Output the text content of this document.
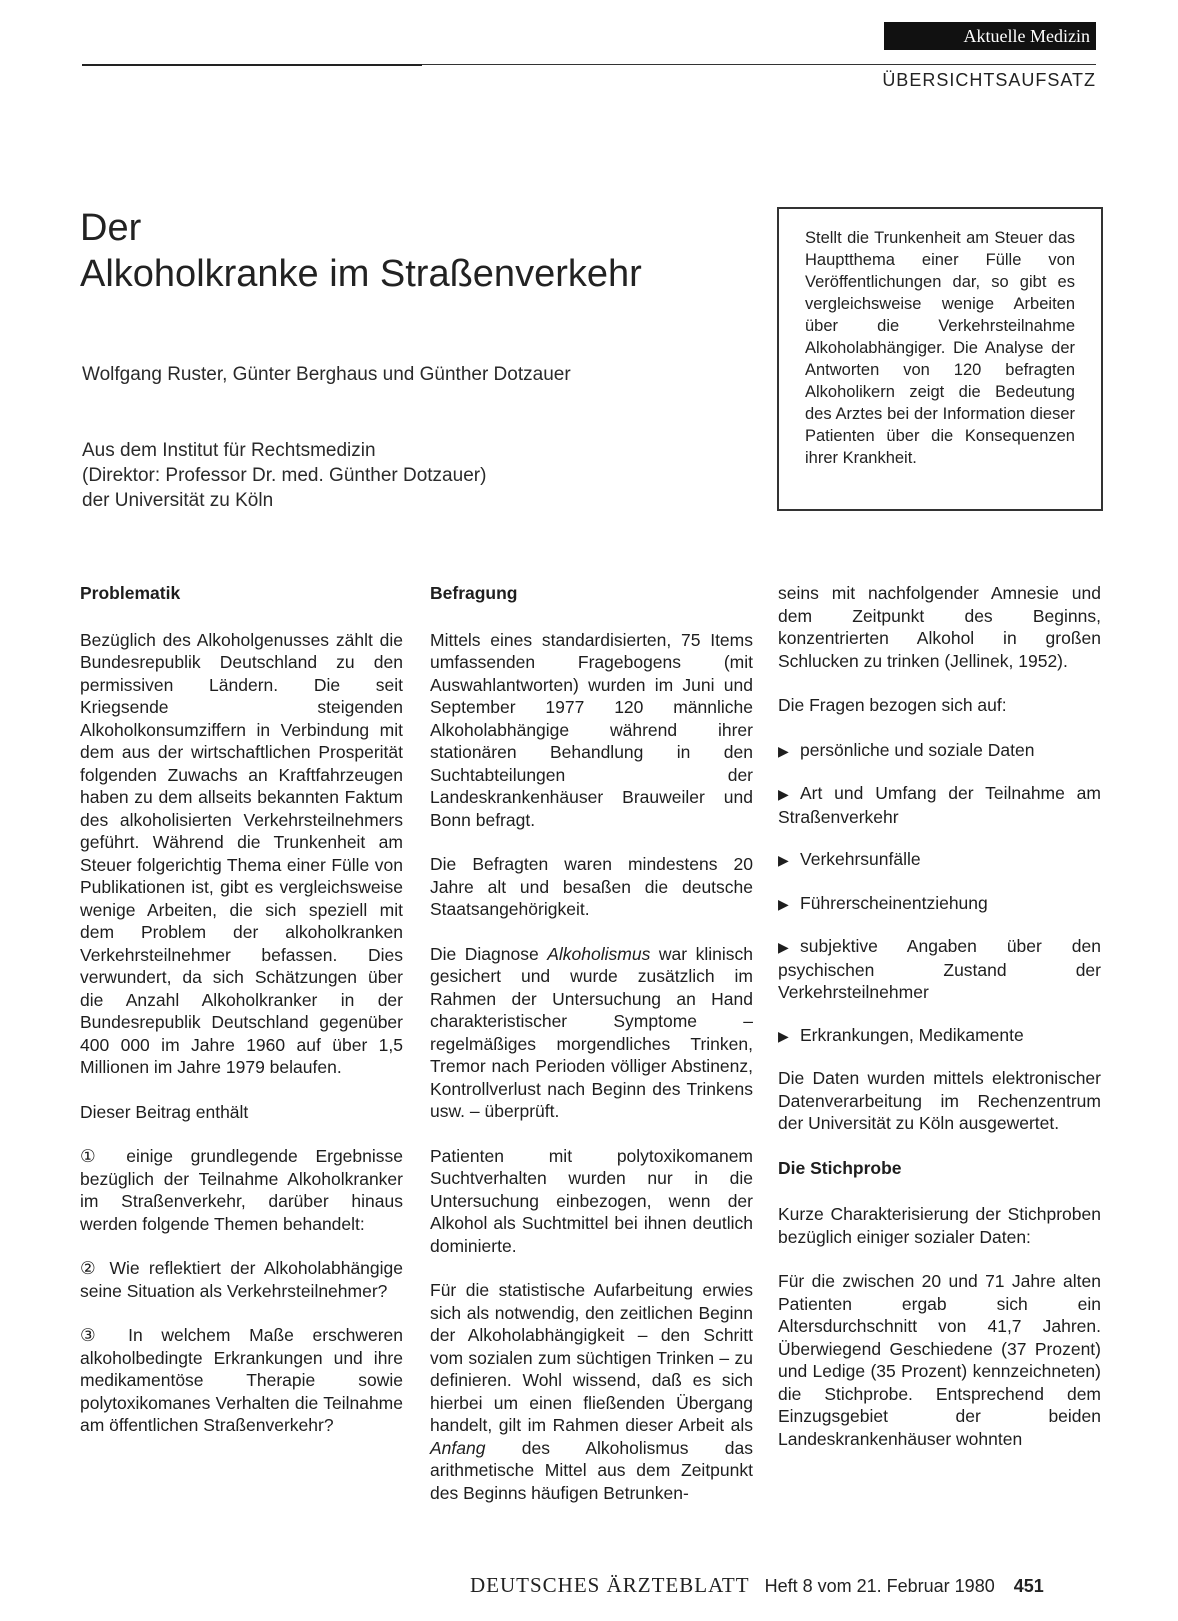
Aktuelle Medizin
ÜBERSICHTSAUFSATZ
Der
Alkoholkranke im Straßenverkehr
Wolfgang Ruster, Günter Berghaus und Günther Dotzauer
Aus dem Institut für Rechtsmedizin
(Direktor: Professor Dr. med. Günther Dotzauer)
der Universität zu Köln
Stellt die Trunkenheit am Steuer das Hauptthema einer Fülle von Veröffentlichungen dar, so gibt es vergleichsweise wenige Arbeiten über die Verkehrsteilnahme Alkoholabhängiger. Die Analyse der Antworten von 120 befragten Alkoholikern zeigt die Bedeutung des Arztes bei der Information dieser Patienten über die Konsequenzen ihrer Krankheit.
Problematik

Bezüglich des Alkoholgenusses zählt die Bundesrepublik Deutschland zu den permissiven Ländern. Die seit Kriegsende steigenden Alkoholkonsumziffern in Verbindung mit dem aus der wirtschaftlichen Prosperität folgenden Zuwachs an Kraftfahrzeugen haben zu dem allseits bekannten Faktum des alkoholisierten Verkehrsteilnehmers geführt. Während die Trunkenheit am Steuer folgerichtig Thema einer Fülle von Publikationen ist, gibt es vergleichsweise wenige Arbeiten, die sich speziell mit dem Problem der alkoholkranken Verkehrsteilnehmer befassen. Dies verwundert, da sich Schätzungen über die Anzahl Alkoholkranker in der Bundesrepublik Deutschland gegenüber 400 000 im Jahre 1960 auf über 1,5 Millionen im Jahre 1979 belaufen.

Dieser Beitrag enthält

① einige grundlegende Ergebnisse bezüglich der Teilnahme Alkoholkranker im Straßenverkehr, darüber hinaus werden folgende Themen behandelt:

② Wie reflektiert der Alkoholabhängige seine Situation als Verkehrsteilnehmer?

③ In welchem Maße erschweren alkoholbedingte Erkrankungen und ihre medikamentöse Therapie sowie polytoxikomanes Verhalten die Teilnahme am öffentlichen Straßenverkehr?

Befragung

Mittels eines standardisierten, 75 Items umfassenden Fragebogens (mit Auswahlantworten) wurden im Juni und September 1977 120 männliche Alkoholabhängige während ihrer stationären Behandlung in den Suchtabteilungen der Landeskrankenhäuser Brauweiler und Bonn befragt.

Die Befragten waren mindestens 20 Jahre alt und besaßen die deutsche Staatsangehörigkeit.

Die Diagnose Alkoholismus war klinisch gesichert und wurde zusätzlich im Rahmen der Untersuchung an Hand charakteristischer Symptome – regelmäßiges morgendliches Trinken, Tremor nach Perioden völliger Abstinenz, Kontrollverlust nach Beginn des Trinkens usw. – überprüft.

Patienten mit polytoxikomanem Suchtverhalten wurden nur in die Untersuchung einbezogen, wenn der Alkohol als Suchtmittel bei ihnen deutlich dominierte.

Für die statistische Aufarbeitung erwies sich als notwendig, den zeitlichen Beginn der Alkoholabhängigkeit – den Schritt vom sozialen zum süchtigen Trinken – zu definieren. Wohl wissend, daß es sich hierbei um einen fließenden Übergang handelt, gilt im Rahmen dieser Arbeit als Anfang des Alkoholismus das arithmetische Mittel aus dem Zeitpunkt des Beginns häufigen Betrunken-

seins mit nachfolgender Amnesie und dem Zeitpunkt des Beginns, konzentrierten Alkohol in großen Schlucken zu trinken (Jellinek, 1952).

Die Fragen bezogen sich auf:

▶ persönliche und soziale Daten
▶ Art und Umfang der Teilnahme am Straßenverkehr
▶ Verkehrsunfälle
▶ Führerscheinentziehung
▶ subjektive Angaben über den psychischen Zustand der Verkehrsteilnehmer
▶ Erkrankungen, Medikamente

Die Daten wurden mittels elektronischer Datenverarbeitung im Rechenzentrum der Universität zu Köln ausgewertet.

Die Stichprobe

Kurze Charakterisierung der Stichproben bezüglich einiger sozialer Daten:

Für die zwischen 20 und 71 Jahre alten Patienten ergab sich ein Altersdurchschnitt von 41,7 Jahren. Überwiegend Geschiedene (37 Prozent) und Ledige (35 Prozent) kennzeichneten) die Stichprobe. Entsprechend dem Einzugsgebiet der beiden Landeskrankenhäuser wohnten

DEUTSCHES ÄRZTEBLATT Heft 8 vom 21. Februar 1980 451
